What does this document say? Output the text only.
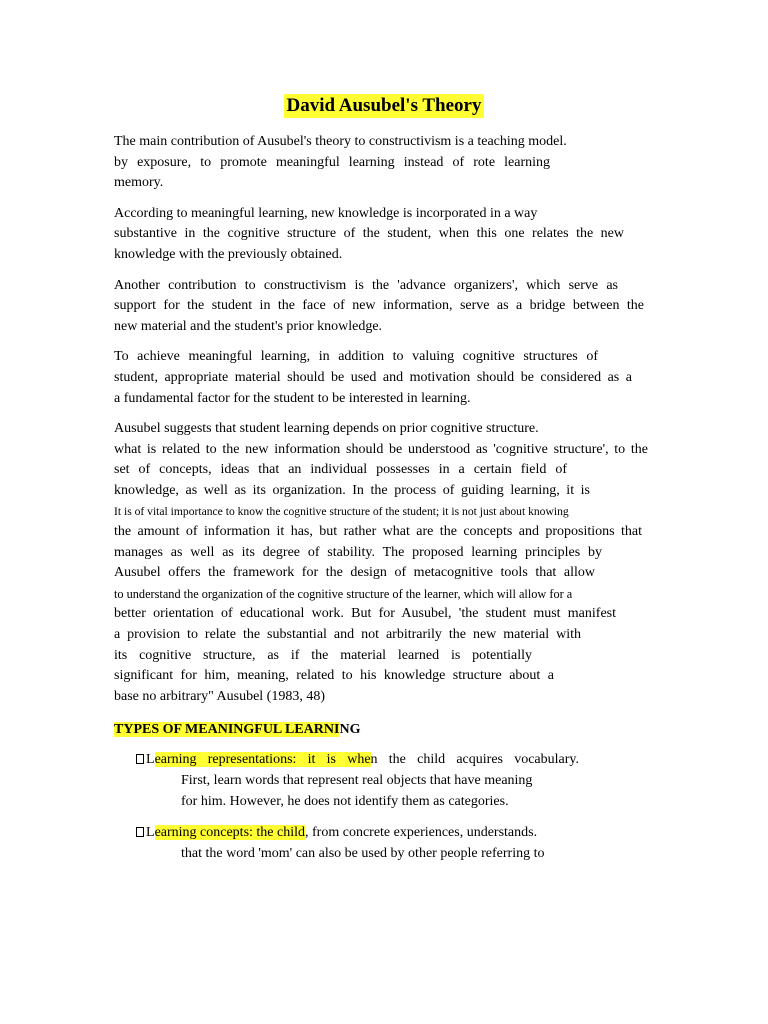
David Ausubel's Theory
The main contribution of Ausubel's theory to constructivism is a teaching model.
by exposure, to promote meaningful learning instead of rote learning
memory.
According to meaningful learning, new knowledge is incorporated in a way
substantive in the cognitive structure of the student, when this one relates the new
knowledge with the previously obtained.
Another contribution to constructivism is the 'advance organizers', which serve as
support for the student in the face of new information, serve as a bridge between the
new material and the student's prior knowledge.
To achieve meaningful learning, in addition to valuing cognitive structures of
student, appropriate material should be used and motivation should be considered as a
a fundamental factor for the student to be interested in learning.
Ausubel suggests that student learning depends on prior cognitive structure.
what is related to the new information should be understood as 'cognitive structure', to the
set of concepts, ideas that an individual possesses in a certain field of
knowledge, as well as its organization. In the process of guiding learning, it is
It is of vital importance to know the cognitive structure of the student; it is not just about knowing
the amount of information it has, but rather what are the concepts and propositions that
manages as well as its degree of stability. The proposed learning principles by
Ausubel offers the framework for the design of metacognitive tools that allow
to understand the organization of the cognitive structure of the learner, which will allow for a
better orientation of educational work. But for Ausubel, 'the student must manifest
a provision to relate the substantial and not arbitrarily the new material with
its cognitive structure, as if the material learned is potentially
significant for him, meaning, related to his knowledge structure about a
base no arbitrary" Ausubel (1983, 48)
TYPES OF MEANINGFUL LEARNING
Learning representations: it is when the child acquires vocabulary.
First, learn words that represent real objects that have meaning
for him. However, he does not identify them as categories.
Learning concepts: the child, from concrete experiences, understands.
that the word 'mom' can also be used by other people referring to
